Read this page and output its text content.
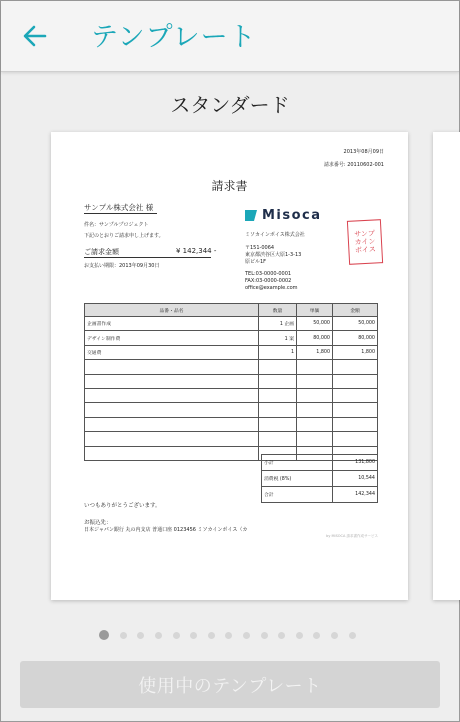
テンプレート
スタンダード
2013年08月09日
請求番号: 20110602-001
請求書
サンプル株式会社 様
件名：サンプルプロジェクト
下記のとおりご請求申し上げます。
ご請求金額	¥ 142,344 -
お支払い期限：2013年09月30日
Misoca
ミソカインボイス株式会社
〒151-0064
東京都渋谷区大原1-3-13
原ビル1F
TEL:03-0000-0001
FAX:03-0000-0002
office@example.com
サンプ
カイン
ボイス
品番・品名	数量	単価	金額
企画書作成	1 企画	50,000	50,000
デザイン制作費	1 案	80,000	80,000
交通費	1	1,800	1,800

小計	131,800
消費税 (8%)	10,544
合計	142,344
いつもありがとうございます。
お振込先：
日本ジャパン銀行 丸の内支店 普通口座 0123456 ミソカインボイス（カ
by MISOCA 請求書作成サービス
使用中のテンプレート
